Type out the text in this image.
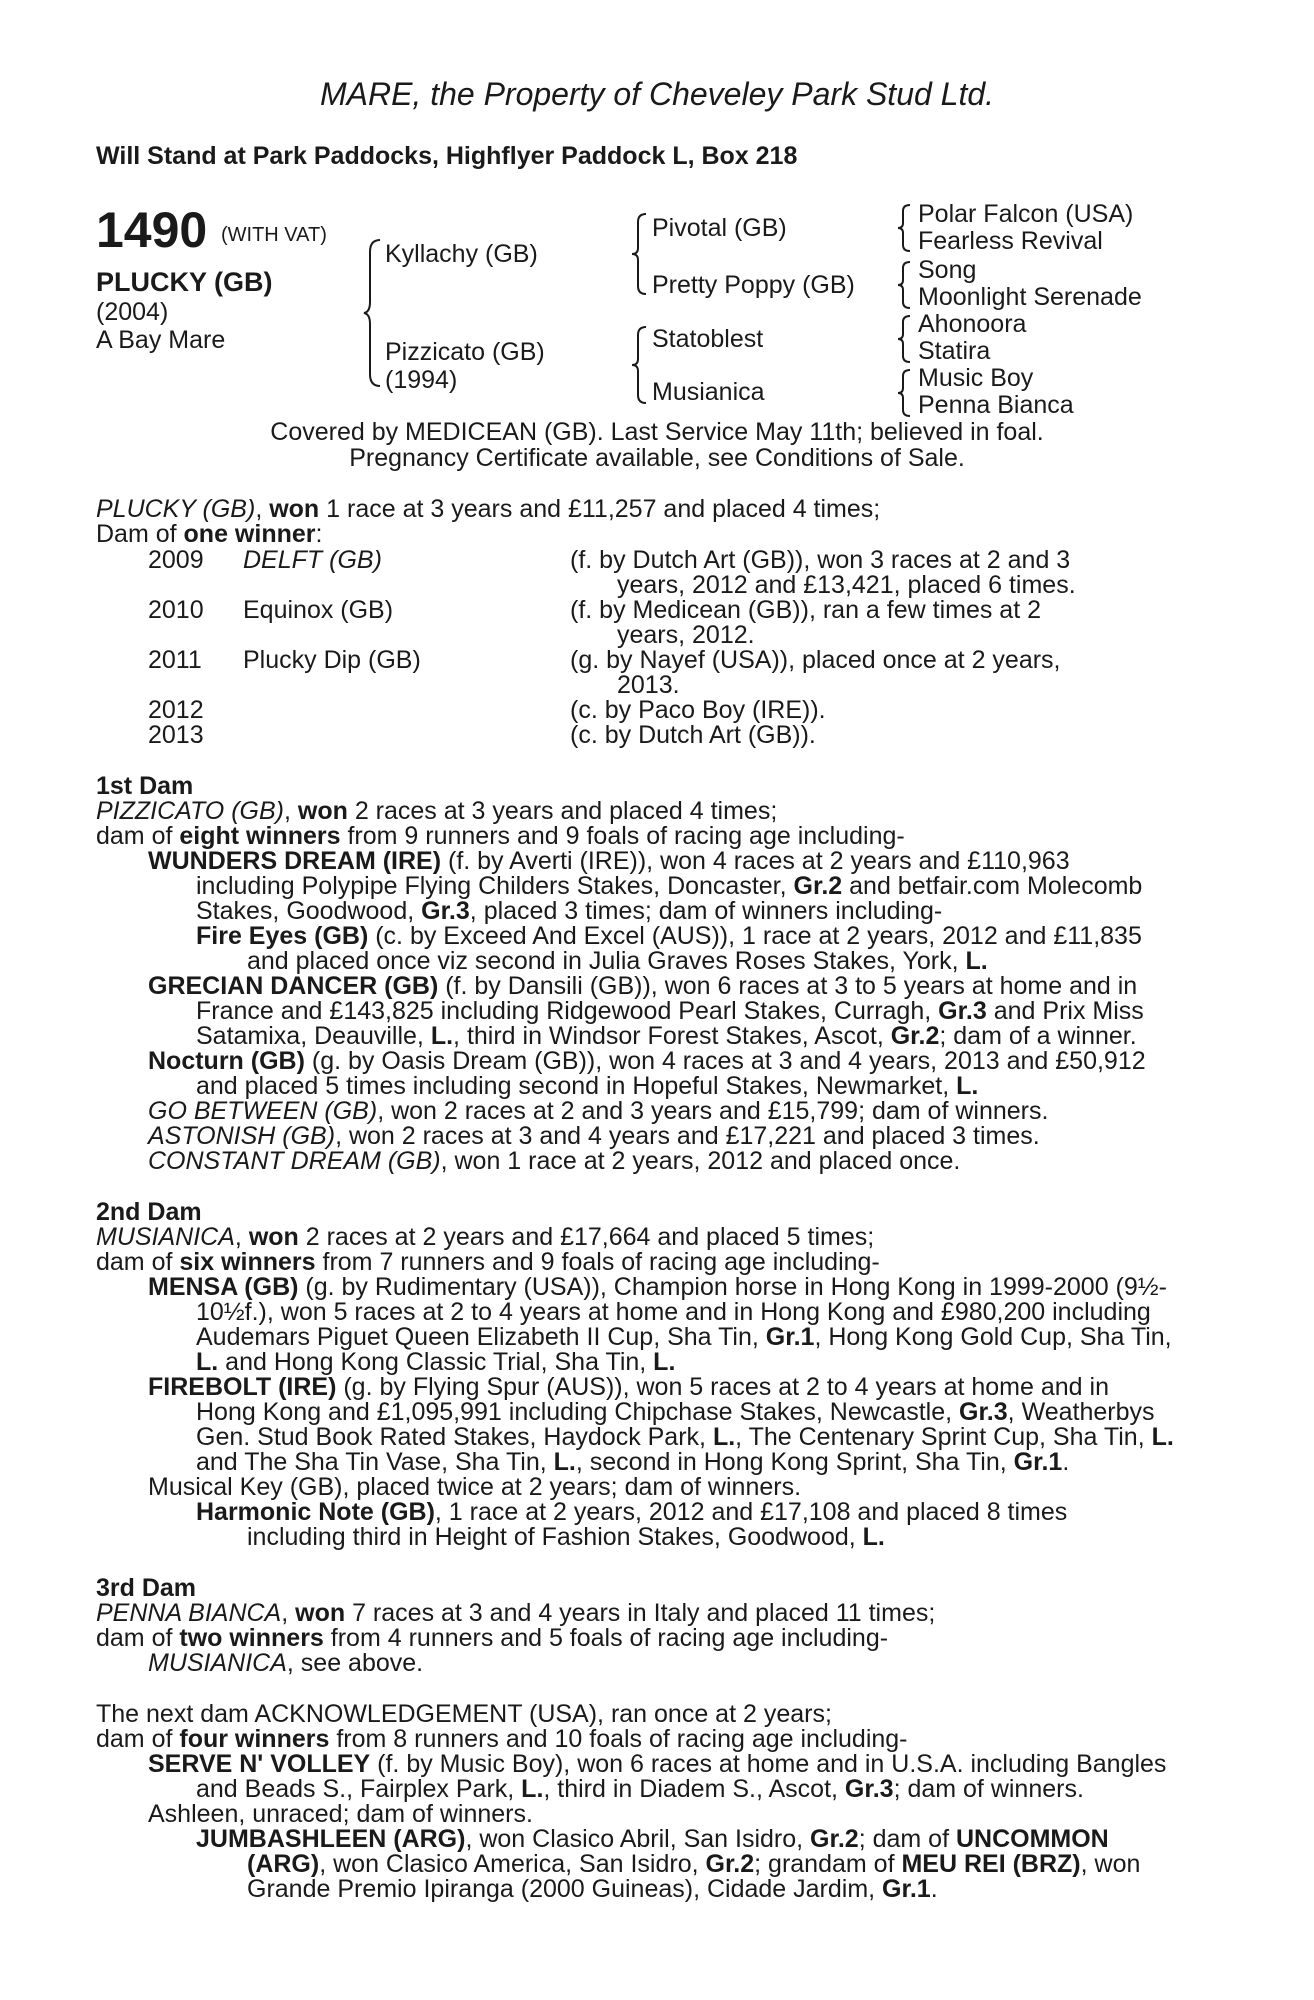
MARE, the Property of Cheveley Park Stud Ltd.
Will Stand at Park Paddocks, Highflyer Paddock L, Box 218
1490 (WITH VAT)
PLUCKY (GB)
(2004)
A Bay Mare
Kyllachy (GB)
Pizzicato (GB)
(1994)
Pivotal (GB)
Pretty Poppy (GB)
Statoblest
Musianica
Polar Falcon (USA)
Fearless Revival
Song
Moonlight Serenade
Ahonoora
Statira
Music Boy
Penna Bianca
Covered by MEDICEAN (GB). Last Service May 11th; believed in foal.
Pregnancy Certificate available, see Conditions of Sale.
PLUCKY (GB), won 1 race at 3 years and £11,257 and placed 4 times;
Dam of one winner:
2009 DELFT (GB)	(f. by Dutch Art (GB)), won 3 races at 2 and 3
years, 2012 and £13,421, placed 6 times.
2010 Equinox (GB)	(f. by Medicean (GB)), ran a few times at 2
years, 2012.
2011 Plucky Dip (GB)	(g. by Nayef (USA)), placed once at 2 years,
2013.
2012	(c. by Paco Boy (IRE)).
2013	(c. by Dutch Art (GB)).
1st Dam
PIZZICATO (GB), won 2 races at 3 years and placed 4 times;
dam of eight winners from 9 runners and 9 foals of racing age including-
WUNDERS DREAM (IRE) (f. by Averti (IRE)), won 4 races at 2 years and £110,963
including Polypipe Flying Childers Stakes, Doncaster, Gr.2 and betfair.com Molecomb
Stakes, Goodwood, Gr.3, placed 3 times; dam of winners including-
Fire Eyes (GB) (c. by Exceed And Excel (AUS)), 1 race at 2 years, 2012 and £11,835
and placed once viz second in Julia Graves Roses Stakes, York, L.
GRECIAN DANCER (GB) (f. by Dansili (GB)), won 6 races at 3 to 5 years at home and in
France and £143,825 including Ridgewood Pearl Stakes, Curragh, Gr.3 and Prix Miss
Satamixa, Deauville, L., third in Windsor Forest Stakes, Ascot, Gr.2; dam of a winner.
Nocturn (GB) (g. by Oasis Dream (GB)), won 4 races at 3 and 4 years, 2013 and £50,912
and placed 5 times including second in Hopeful Stakes, Newmarket, L.
GO BETWEEN (GB), won 2 races at 2 and 3 years and £15,799; dam of winners.
ASTONISH (GB), won 2 races at 3 and 4 years and £17,221 and placed 3 times.
CONSTANT DREAM (GB), won 1 race at 2 years, 2012 and placed once.
2nd Dam
MUSIANICA, won 2 races at 2 years and £17,664 and placed 5 times;
dam of six winners from 7 runners and 9 foals of racing age including-
MENSA (GB) (g. by Rudimentary (USA)), Champion horse in Hong Kong in 1999-2000 (9½-
10½f.), won 5 races at 2 to 4 years at home and in Hong Kong and £980,200 including
Audemars Piguet Queen Elizabeth II Cup, Sha Tin, Gr.1, Hong Kong Gold Cup, Sha Tin,
L. and Hong Kong Classic Trial, Sha Tin, L.
FIREBOLT (IRE) (g. by Flying Spur (AUS)), won 5 races at 2 to 4 years at home and in
Hong Kong and £1,095,991 including Chipchase Stakes, Newcastle, Gr.3, Weatherbys
Gen. Stud Book Rated Stakes, Haydock Park, L., The Centenary Sprint Cup, Sha Tin, L.
and The Sha Tin Vase, Sha Tin, L., second in Hong Kong Sprint, Sha Tin, Gr.1.
Musical Key (GB), placed twice at 2 years; dam of winners.
Harmonic Note (GB), 1 race at 2 years, 2012 and £17,108 and placed 8 times
including third in Height of Fashion Stakes, Goodwood, L.
3rd Dam
PENNA BIANCA, won 7 races at 3 and 4 years in Italy and placed 11 times;
dam of two winners from 4 runners and 5 foals of racing age including-
MUSIANICA, see above.
The next dam ACKNOWLEDGEMENT (USA), ran once at 2 years;
dam of four winners from 8 runners and 10 foals of racing age including-
SERVE N' VOLLEY (f. by Music Boy), won 6 races at home and in U.S.A. including Bangles
and Beads S., Fairplex Park, L., third in Diadem S., Ascot, Gr.3; dam of winners.
Ashleen, unraced; dam of winners.
JUMBASHLEEN (ARG), won Clasico Abril, San Isidro, Gr.2; dam of UNCOMMON
(ARG), won Clasico America, San Isidro, Gr.2; grandam of MEU REI (BRZ), won
Grande Premio Ipiranga (2000 Guineas), Cidade Jardim, Gr.1.
